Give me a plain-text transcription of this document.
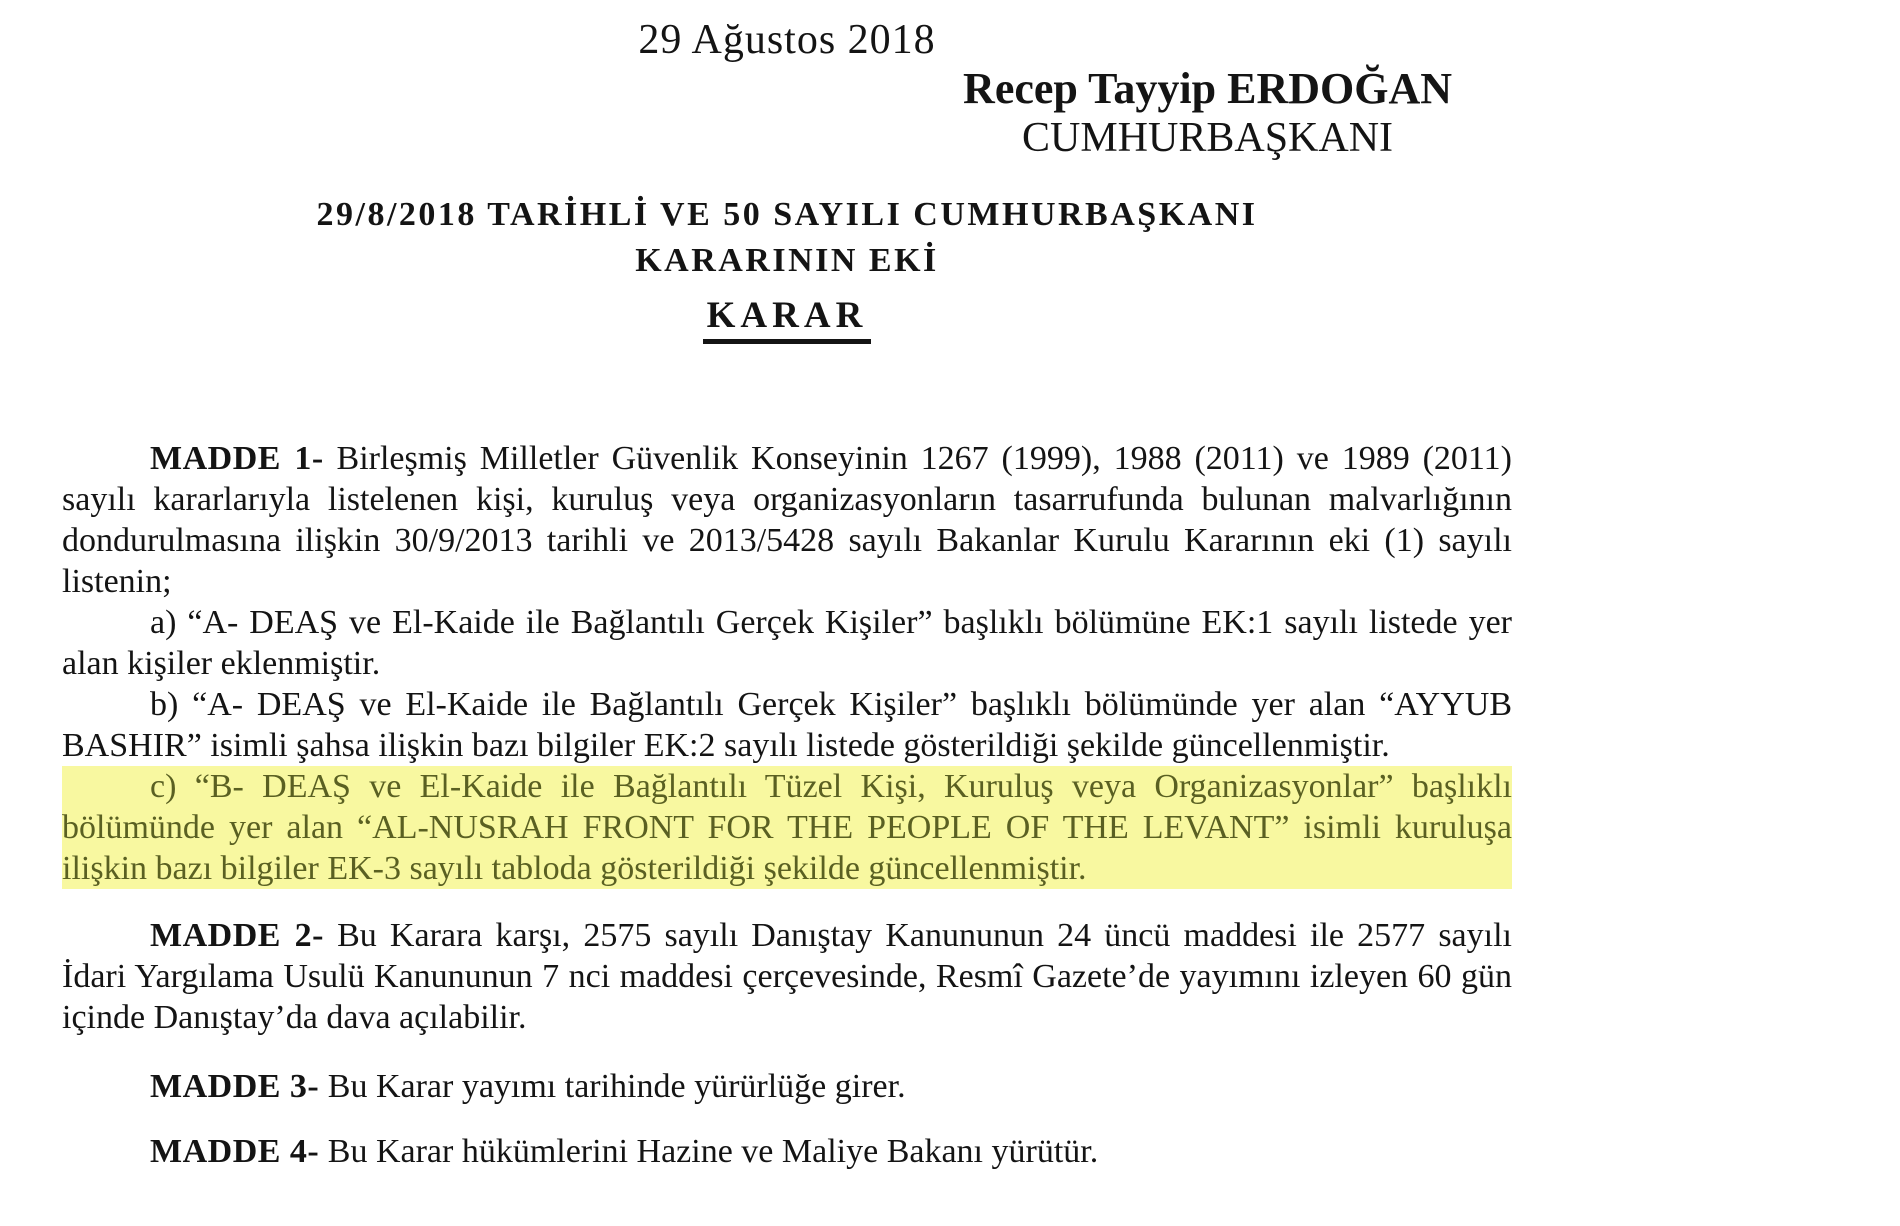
29 Ağustos 2018
Recep Tayyip ERDOĞAN
CUMHURBAŞKANI
29/8/2018 TARİHLİ VE 50 SAYILI CUMHURBAŞKANI
KARARININ EKİ
KARAR

MADDE 1- Birleşmiş Milletler Güvenlik Konseyinin 1267 (1999), 1988 (2011) ve 1989 (2011) sayılı kararlarıyla listelenen kişi, kuruluş veya organizasyonların tasarrufunda bulunan malvarlığının dondurulmasına ilişkin 30/9/2013 tarihli ve 2013/5428 sayılı Bakanlar Kurulu Kararının eki (1) sayılı listenin;

a) “A- DEAŞ ve El-Kaide ile Bağlantılı Gerçek Kişiler” başlıklı bölümüne EK:1 sayılı listede yer alan kişiler eklenmiştir.

b) “A- DEAŞ ve El-Kaide ile Bağlantılı Gerçek Kişiler” başlıklı bölümünde yer alan “AYYUB BASHIR” isimli şahsa ilişkin bazı bilgiler EK:2 sayılı listede gösterildiği şekilde güncellenmiştir.

c) “B- DEAŞ ve El-Kaide ile Bağlantılı Tüzel Kişi, Kuruluş veya Organizasyonlar” başlıklı bölümünde yer alan “AL-NUSRAH FRONT FOR THE PEOPLE OF THE LEVANT” isimli kuruluşa ilişkin bazı bilgiler EK-3 sayılı tabloda gösterildiği şekilde güncellenmiştir.

MADDE 2- Bu Karara karşı, 2575 sayılı Danıştay Kanununun 24 üncü maddesi ile 2577 sayılı İdari Yargılama Usulü Kanununun 7 nci maddesi çerçevesinde, Resmî Gazete’de yayımını izleyen 60 gün içinde Danıştay’da dava açılabilir.

MADDE 3- Bu Karar yayımı tarihinde yürürlüğe girer.

MADDE 4- Bu Karar hükümlerini Hazine ve Maliye Bakanı yürütür.
